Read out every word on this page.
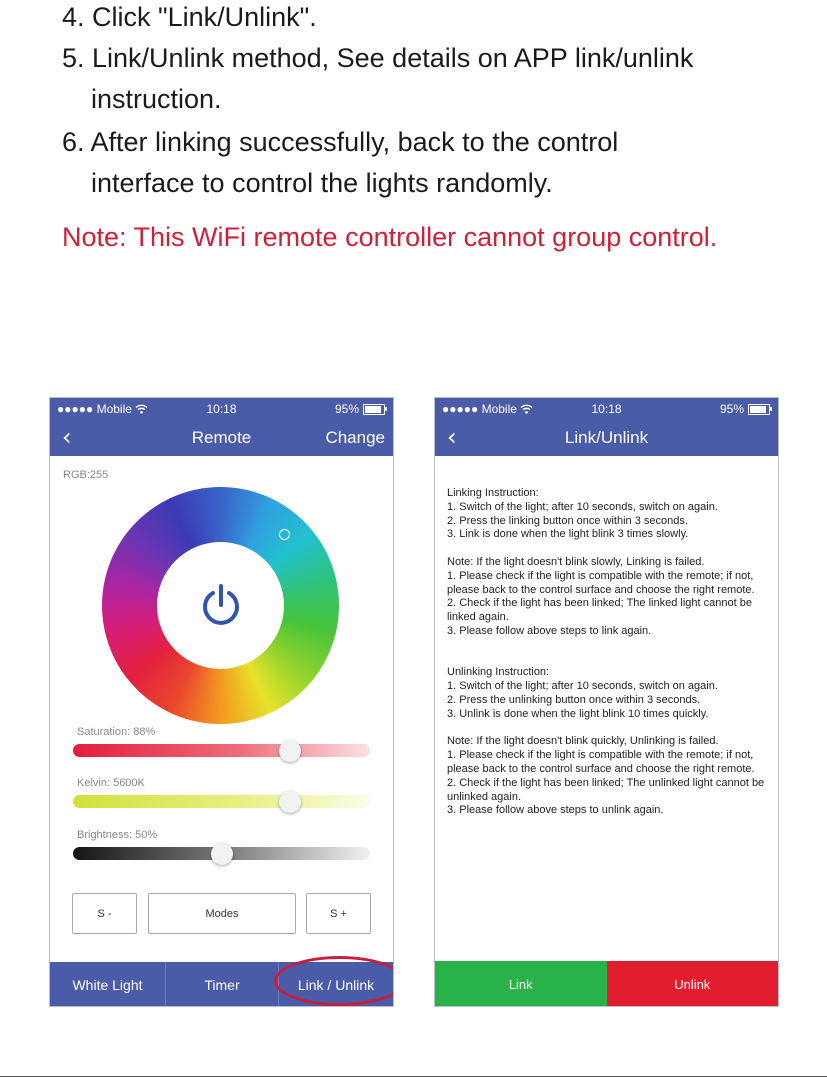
4. Click "Link/Unlink".
5. Link/Unlink method, See details on APP link/unlink
instruction.
6. After linking successfully, back to the control
interface to control the lights randomly.
Note: This WiFi remote controller cannot group control.
●●●●● Mobile	10:18	95%
‹	Remote	Change
RGB:255
Saturation: 88%
Kelvin: 5600K
Brightness: 50%
S -	Modes	S +
White Light	Timer	Link / Unlink
●●●●● Mobile	10:18	95%
‹	Link/Unlink
Linking Instruction:
1. Switch of the light; after 10 seconds, switch on again.
2. Press the linking button once within 3 seconds.
3. Link is done when the light blink 3 times slowly.
Note: If the light doesn't blink slowly, Linking is failed.
1. Please check if the light is compatible with the remote; if not, please back to the control surface and choose the right remote.
2. Check if the light has been linked; The linked light cannot be linked again.
3. Please follow above steps to link again.
Unlinking Instruction:
1. Switch of the light; after 10 seconds, switch on again.
2. Press the unlinking button once within 3 seconds.
3. Unlink is done when the light blink 10 times quickly.
Note: If the light doesn't blink quickly, Unlinking is failed.
1. Please check if the light is compatible with the remote; if not, please back to the control surface and choose the right remote.
2. Check if the light has been linked; The unlinked light cannot be unlinked again.
3. Please follow above steps to unlink again.
Link	Unlink
